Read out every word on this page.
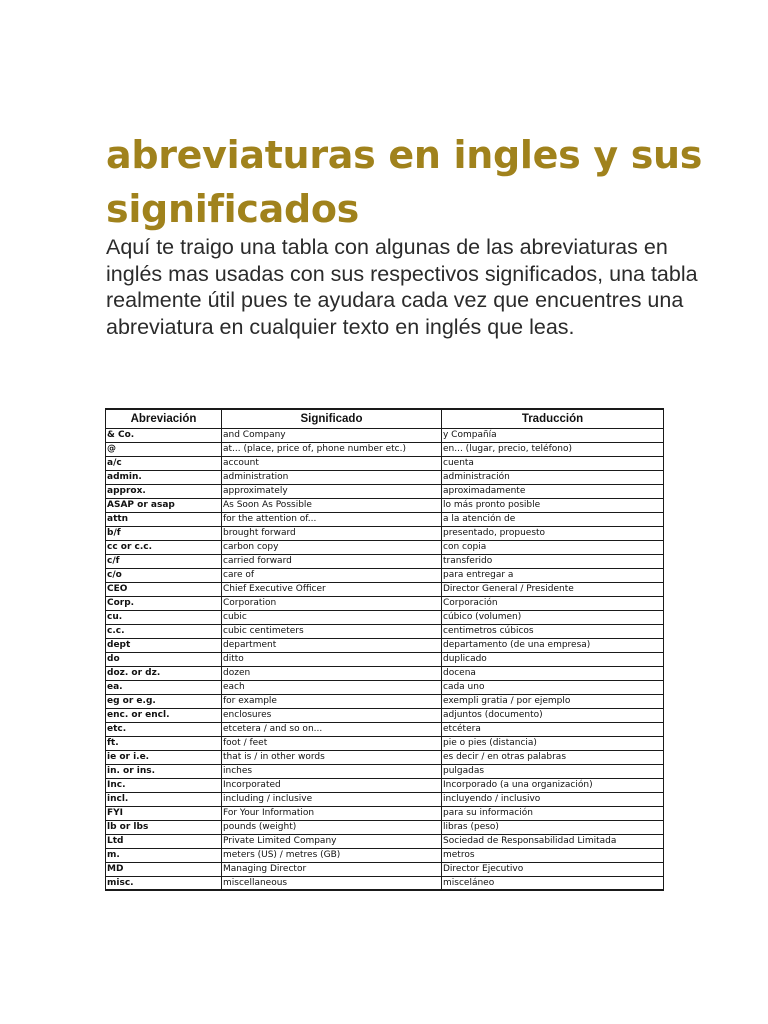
abreviaturas en ingles y sus significados

Aquí te traigo una tabla con algunas de las abreviaturas en inglés mas usadas con sus respectivos significados, una tabla realmente útil pues te ayudara cada vez que encuentres una abreviatura en cualquier texto en inglés que leas.

Abreviación	Significado	Traducción
& Co.	and Company	y Compañía
@	at... (place, price of, phone number etc.)	en... (lugar, precio, teléfono)
a/c	account	cuenta
admin.	administration	administración
approx.	approximately	aproximadamente
ASAP or asap	As Soon As Possible	lo más pronto posible
attn	for the attention of...	a la atención de
b/f	brought forward	presentado, propuesto
cc or c.c.	carbon copy	con copia
c/f	carried forward	transferido
c/o	care of	para entregar a
CEO	Chief Executive Officer	Director General / Presidente
Corp.	Corporation	Corporación
cu.	cubic	cúbico (volumen)
c.c.	cubic centimeters	centimetros cúbicos
dept	department	departamento (de una empresa)
do	ditto	duplicado
doz. or dz.	dozen	docena
ea.	each	cada uno
eg or e.g.	for example	exempli gratia / por ejemplo
enc. or encl.	enclosures	adjuntos (documento)
etc.	etcetera / and so on...	etcétera
ft.	foot / feet	pie o pies (distancia)
ie or i.e.	that is / in other words	es decir / en otras palabras
in. or ins.	inches	pulgadas
Inc.	Incorporated	Incorporado (a una organización)
incl.	including / inclusive	incluyendo / inclusivo
FYI	For Your Information	para su información
lb or lbs	pounds (weight)	libras (peso)
Ltd	Private Limited Company	Sociedad de Responsabilidad Limitada
m.	meters (US) / metres (GB)	metros
MD	Managing Director	Director Ejecutivo
misc.	miscellaneous	misceláneo
